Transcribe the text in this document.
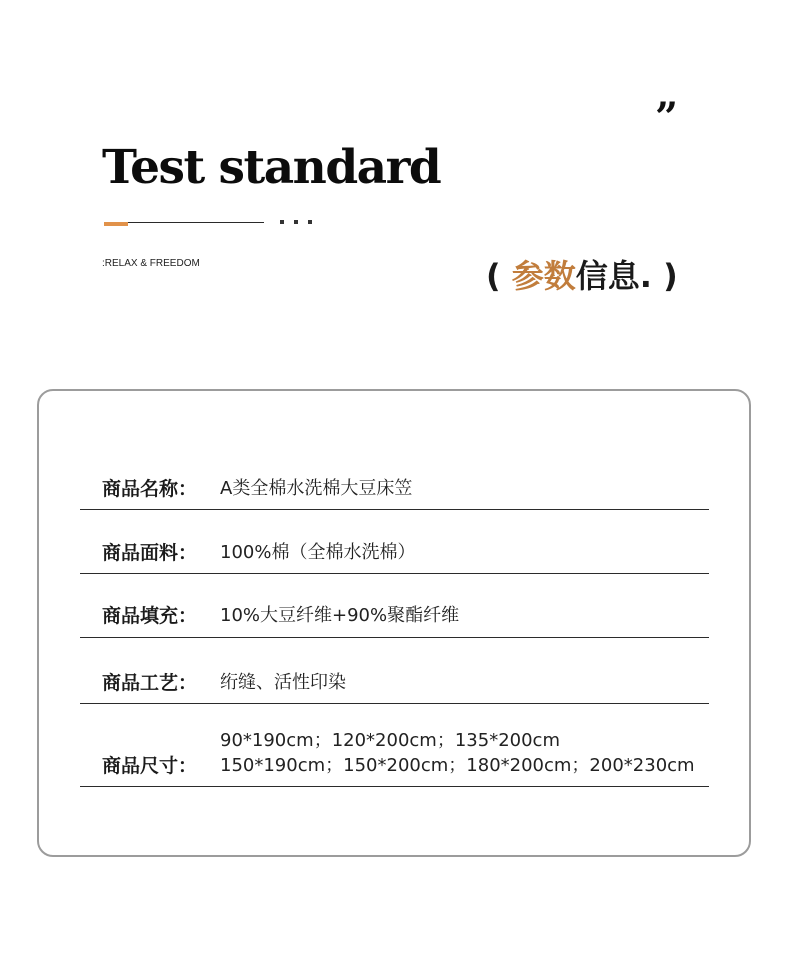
”
Test standard
:RELAX & FREEDOM	( 参数信息. )
商品名称： A类全棉水洗棉大豆床笠
商品面料： 100%棉（全棉水洗棉）
商品填充： 10%大豆纤维+90%聚酯纤维
商品工艺： 绗缝、活性印染
商品尺寸：
90*190cm；120*200cm；135*200cm
150*190cm；150*200cm；180*200cm；200*230cm
